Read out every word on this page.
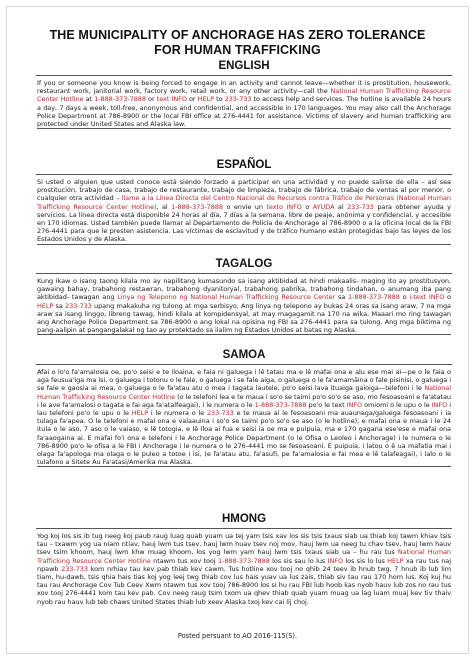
THE MUNICIPALITY OF ANCHORAGE HAS ZERO TOLERANCE
FOR HUMAN TRAFFICKING
ENGLISH
If you or someone you know is being forced to engage in an activity and cannot leave—whether it is prostitution, housework, restaurant work, janitorial work, factory work, retail work, or any other activity—call the National Human Trafficking Resource Center Hotline at 1-888-373-7888 or text INFO or HELP to 233-733 to access help and services. The hotline is available 24 hours a day, 7 days a week, toll-free, anonymous and confidential, and accessible in 170 languages. You may also call the Anchorage Police Department at 786-8900 or the local FBI office at 276-4441 for assistance. Victims of slavery and human trafficking are protected under United States and Alaska law.
ESPAÑOL
Si usted o alguien que usted conoce está siendo forzado a participar en una actividad y no puede salirse de ella – así sea prostitución, trabajo de casa, trabajo de restaurante, trabajo de limpieza, trabajo de fábrica, trabajo de ventas al por menor, o cualquier otra actividad – llame a la Línea Directa del Centro Nacional de Recursos contra Tráfico de Personas (National Human Trafficking Resource Center Hotline), al 1-888-373-7888 o envíe un texto INFO o AYUDA al 233-733 para obtener ayuda y servicios. La línea directa está disponible 24 horas al día, 7 días a la semana, libre de peaje, anónima y confidencial, y accesible en 170 idiomas. Usted también puede llamar al Departamento de Policía de Anchorage al 786-8900 o a la oficina local de la FBI 276-4441 para que le presten asistencia. Las víctimas de esclavitud y de tráfico humano están protegidas bajo las leyes de los Estados Unidos y de Alaska.
TAGALOG
Kung ikaw o isang taong kilala mo ay napilitang kumasundo sa isang aktibidad at hindi makaalis- maging ito ay prostitusyon, gawaing bahay, trabahong restawran, trabahong dyanitoryal, trabahong pabrika, trabahong tindahan, o anumang iba pang aktibidad- tawagan ang Linya ng Telepono ng National Human Trafficking Resource Center sa 1-888-373-7888 o i-text INFO o HELP sa 233-733 upang makakuha ng tulong at mga serbisyo. Ang linya ng telepono ay bukas 24 oras sa isang araw, 7 na mga araw sa isang linggo, libreng tawag, hindi kilala at kompidensyal, at may magagamit na 170 na wika. Maaari mo ring tawagan ang Anchorage Police Department sa 786-8900 o ang lokal na opisina ng FBI sa 276-4441 para sa tulong. Ang mga biktima ng pang-aalipin at pangangalakal ng tao ay protektado sa ilalim ng Estados Unidos at batas ng Alaska.
SAMOA
Afai o lo'o fa'amalosia oe, po'o seisi e te iloaina, e faia ni galuega i lē tatau ma e lē mafai ona e alu ese mai ai—pe o le faia o aga feusua'iga ma isi, o galuega i totonu o le fale, o galuega i se fale aiga, o galuega o le fa'amamāina o fale pisinisi, o galuega i se fale e gaosia ai mea, o galuega o le fa'atau atu o mea i tagata lautele, po'o seisi lava ituaiga gaioiga—telefoni i le National Human Trafficking Resource Center Hotline (o le telefoni lea e te maua i so'o se taimi po'o so'o se aso, mo fesoasoani e fa'atatau i le ave fa'amalosi o tagata e fai aga fa'atalfeagai), i le numera o le 1-888-373-7888 po'o le text INFO omiomi o le upu o le INFO i lau telefoni po'o le upu o le HELP i le numera o le 233-733 e te maua ai le fesoasoani ma auaunaga/galuega fesoasoani i ia tulaga fa'apea. O le telefoni e mafai ona e valaauina i so'o se taimi po'o so'o se aso (o le hotline), e mafai ona e maua i le 24 itula o le aso, 7 aso o le vaiaso, e lē totogia, e lē iloa ai fua e seisi ia oe ma e puipuia, ma e 170 gagana ese'ese e mafai ona fa'aaogaina ai. E mafai fo'i ona e telefoni i le Anchorage Police Department (o le Ofisa o Leoleo i Anchorage) i le numera o le 786-8900 po'o le ofisa a le FBI i Anchorage i le numera o le 276-4441 mo se fesoasoani. E puipuia, i latou o ē ua mafatia mai i olaga fa'apologa ma olaga o le puleo a totoe i isi, (e fa'atau atu, fa'asufi, pe fa'amalosia e fai mea e lē talafeagai), i lalo o le tulafono a Sitete Au Fa'atasi/Amerika ma Alaska.
HMONG
Yog koj los sis ib tug neeg koj paub raug luag quab yuam ua tej yam tsis xav los sis tsis txaus siab ua thiab koj tawm khiav tsis tau – txawm yog ua niam ntiav, hauj lwm tus tsev, hauj lwm huav tsev noj mov, hauj lwm ua neeg tu chav tsev, hauj lwm hauv tsev tsim khoom, hauj lwm khw muag khoom, los yog lwm yam hauj lwm tsis txaus siab ua – hu rau tus National Human Trafficking Resource Center Hotline ntawm tus xov tooj 1-888-373-7888 los sis sau lo lus INFO los sis lo lus HELP xa rau tus naj npawb 233-733 kom nrhiav tau kev pab thiab kev cawm. Tus hotline xov tooj no qhib 24 teev ib hnub twg, 7 hnub ib lub lim tiam, hu-dawb, tsis qhia hais tias koj yog leej twg thiab cov lus hais yuav ua lus zais, thiab siv tau rau 170 hom lus. Koj kuj hu tau rau Anchorage Cov Tub Ceev Xwm ntawm tus xov tooj 786-8900 los si hu rau FBI lub hoob kas nyob hauv lub zos no rau tus xov tooj 276-4441 kom tau kev pab. Cov neeg raug tsim txom ua qhev thiab quab yuam muag ua lag luam muaj kev tiv thaiv nyob rau hauv lub teb chaws United States thiab lub xeev Alaska txoj kev cai lij choj.
Posted persuant to AO 2016-115(S).
